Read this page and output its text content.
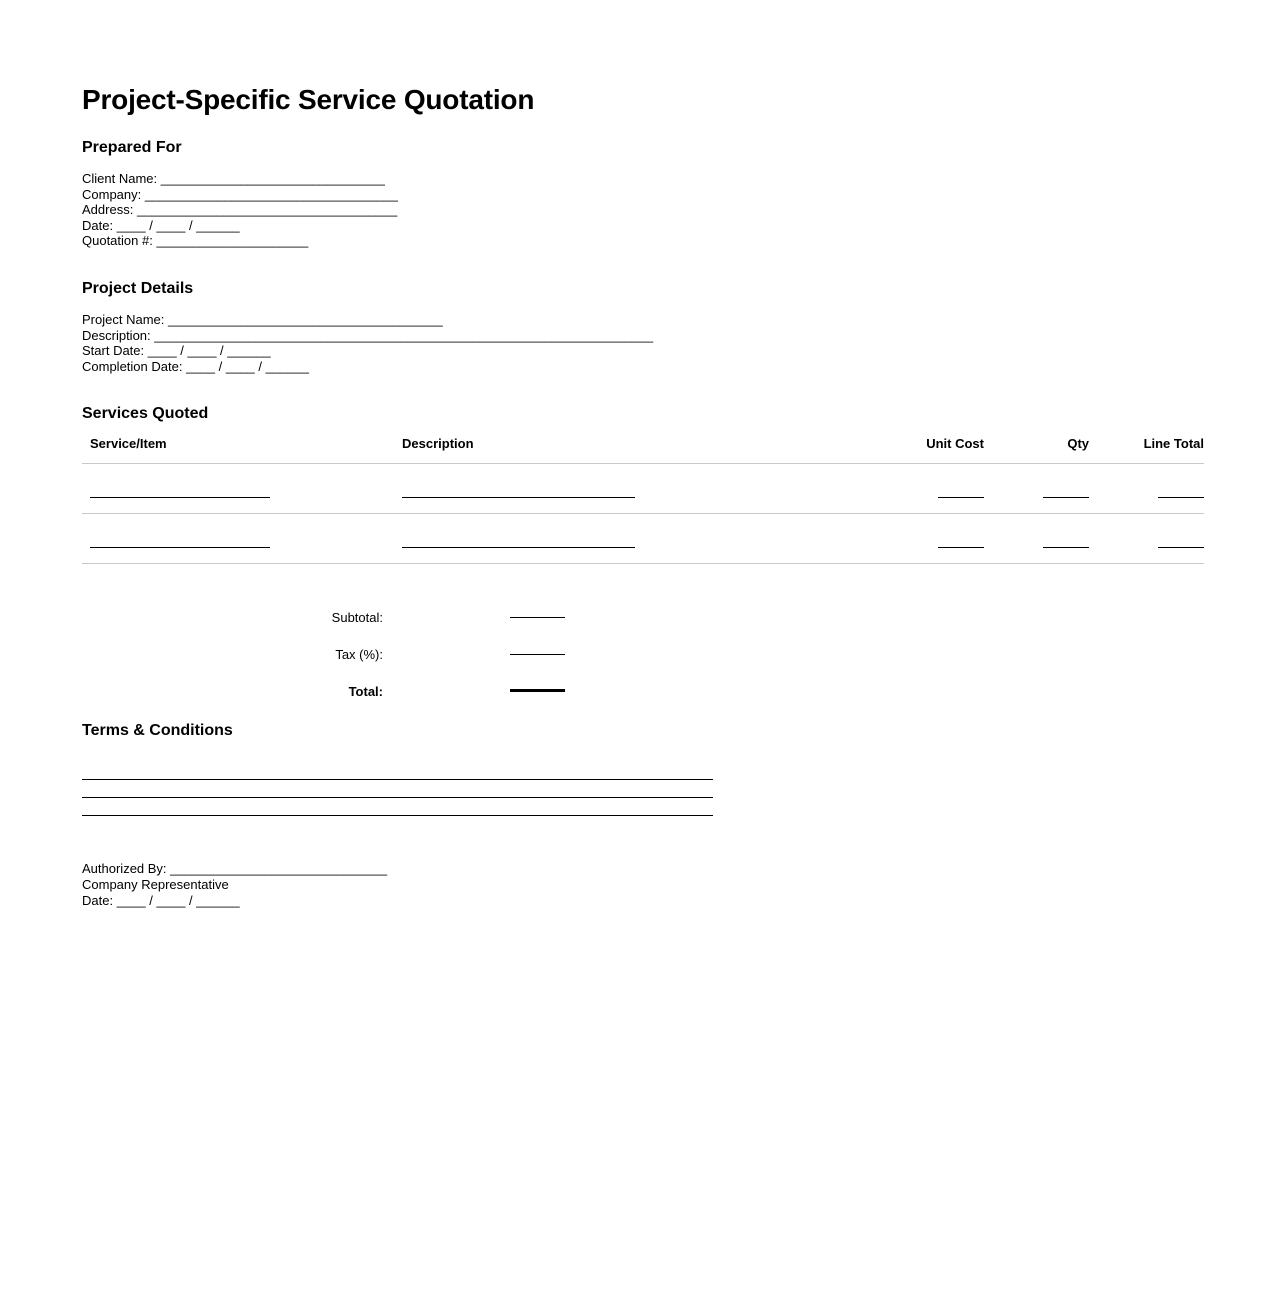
Project-Specific Service Quotation
Prepared For
Client Name: _______________________________
Company: ___________________________________
Address: ____________________________________
Date: ____ / ____ / ______
Quotation #: _____________________
Project Details
Project Name: ______________________________________
Description: _____________________________________________________________________
Start Date: ____ / ____ / ______
Completion Date: ____ / ____ / ______
Services Quoted
Service/Item	Description	Unit Cost	Qty	Line Total

Subtotal:	
Tax (%):	
Total:	
Terms & Conditions
Authorized By: ______________________________
Company Representative
Date: ____ / ____ / ______
